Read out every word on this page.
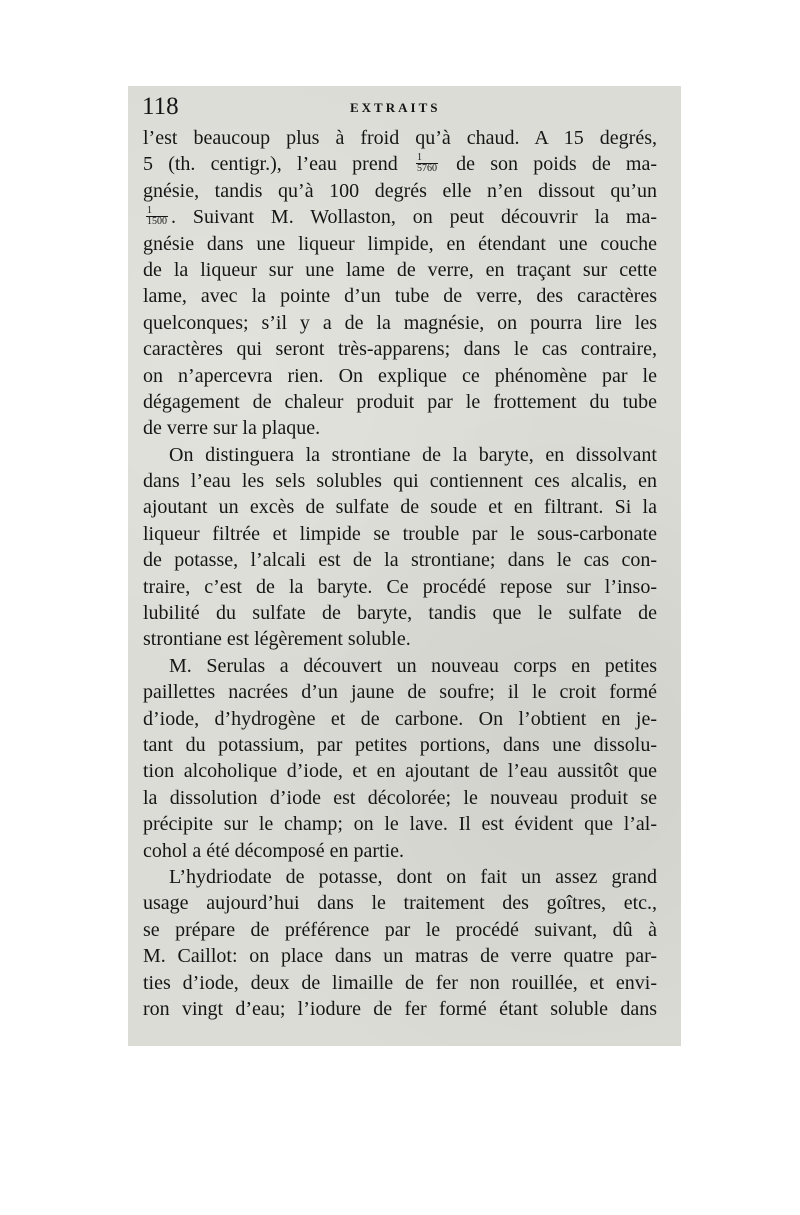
118	EXTRAITS
l’est beaucoup plus à froid qu’à chaud. A 15 degrés,
5 (th. centigr.), l’eau prend $\frac{1}{5760}$ de son poids de ma-
gnésie, tandis qu’à 100 degrés elle n’en dissout qu’un
$\frac{1}{1500}$ . Suivant M. Wollaston, on peut découvrir la ma-
gnésie dans une liqueur limpide, en étendant une couche
de la liqueur sur une lame de verre, en traçant sur cette
lame, avec la pointe d’un tube de verre, des caractères
quelconques; s’il y a de la magnésie, on pourra lire les
caractères qui seront très-apparens; dans le cas contraire,
on n’apercevra rien. On explique ce phénomène par le
dégagement de chaleur produit par le frottement du tube
de verre sur la plaque.
On distinguera la strontiane de la baryte, en dissolvant
dans l’eau les sels solubles qui contiennent ces alcalis, en
ajoutant un excès de sulfate de soude et en filtrant. Si la
liqueur filtrée et limpide se trouble par le sous-carbonate
de potasse, l’alcali est de la strontiane; dans le cas con-
traire, c’est de la baryte. Ce procédé repose sur l’inso-
lubilité du sulfate de baryte, tandis que le sulfate de
strontiane est légèrement soluble.
M. Serulas a découvert un nouveau corps en petites
paillettes nacrées d’un jaune de soufre; il le croit formé
d’iode, d’hydrogène et de carbone. On l’obtient en je-
tant du potassium, par petites portions, dans une dissolu-
tion alcoholique d’iode, et en ajoutant de l’eau aussitôt que
la dissolution d’iode est décolorée; le nouveau produit se
précipite sur le champ; on le lave. Il est évident que l’al-
cohol a été décomposé en partie.
L’hydriodate de potasse, dont on fait un assez grand
usage aujourd’hui dans le traitement des goîtres, etc.,
se prépare de préférence par le procédé suivant, dû à
M. Caillot: on place dans un matras de verre quatre par-
ties d’iode, deux de limaille de fer non rouillée, et envi-
ron vingt d’eau; l’iodure de fer formé étant soluble dans
